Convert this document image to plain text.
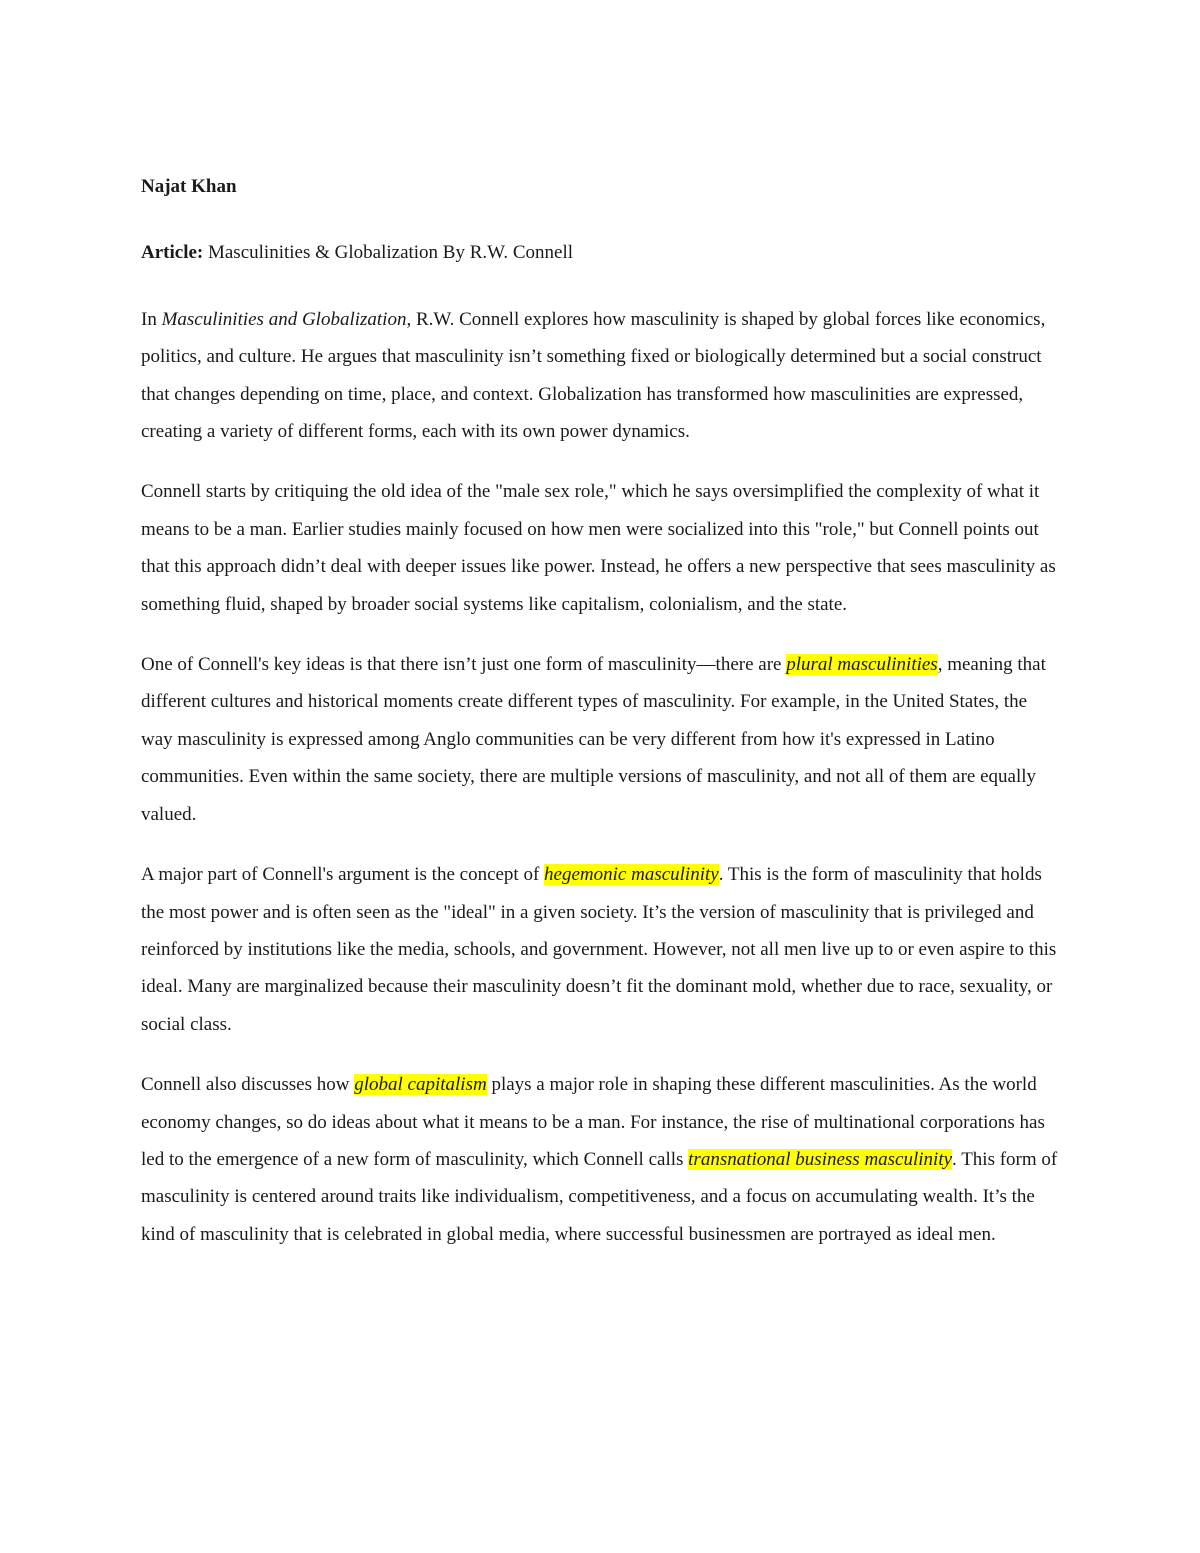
Najat Khan
Article: Masculinities & Globalization By R.W. Connell

In Masculinities and Globalization, R.W. Connell explores how masculinity is shaped by global forces like economics, politics, and culture. He argues that masculinity isn’t something fixed or biologically determined but a social construct that changes depending on time, place, and context. Globalization has transformed how masculinities are expressed, creating a variety of different forms, each with its own power dynamics.

Connell starts by critiquing the old idea of the "male sex role," which he says oversimplified the complexity of what it means to be a man. Earlier studies mainly focused on how men were socialized into this "role," but Connell points out that this approach didn’t deal with deeper issues like power. Instead, he offers a new perspective that sees masculinity as something fluid, shaped by broader social systems like capitalism, colonialism, and the state.

One of Connell's key ideas is that there isn’t just one form of masculinity—there are plural masculinities, meaning that different cultures and historical moments create different types of masculinity. For example, in the United States, the way masculinity is expressed among Anglo communities can be very different from how it's expressed in Latino communities. Even within the same society, there are multiple versions of masculinity, and not all of them are equally valued.

A major part of Connell's argument is the concept of hegemonic masculinity. This is the form of masculinity that holds the most power and is often seen as the "ideal" in a given society. It’s the version of masculinity that is privileged and reinforced by institutions like the media, schools, and government. However, not all men live up to or even aspire to this ideal. Many are marginalized because their masculinity doesn’t fit the dominant mold, whether due to race, sexuality, or social class.

Connell also discusses how global capitalism plays a major role in shaping these different masculinities. As the world economy changes, so do ideas about what it means to be a man. For instance, the rise of multinational corporations has led to the emergence of a new form of masculinity, which Connell calls transnational business masculinity. This form of masculinity is centered around traits like individualism, competitiveness, and a focus on accumulating wealth. It’s the kind of masculinity that is celebrated in global media, where successful businessmen are portrayed as ideal men.
